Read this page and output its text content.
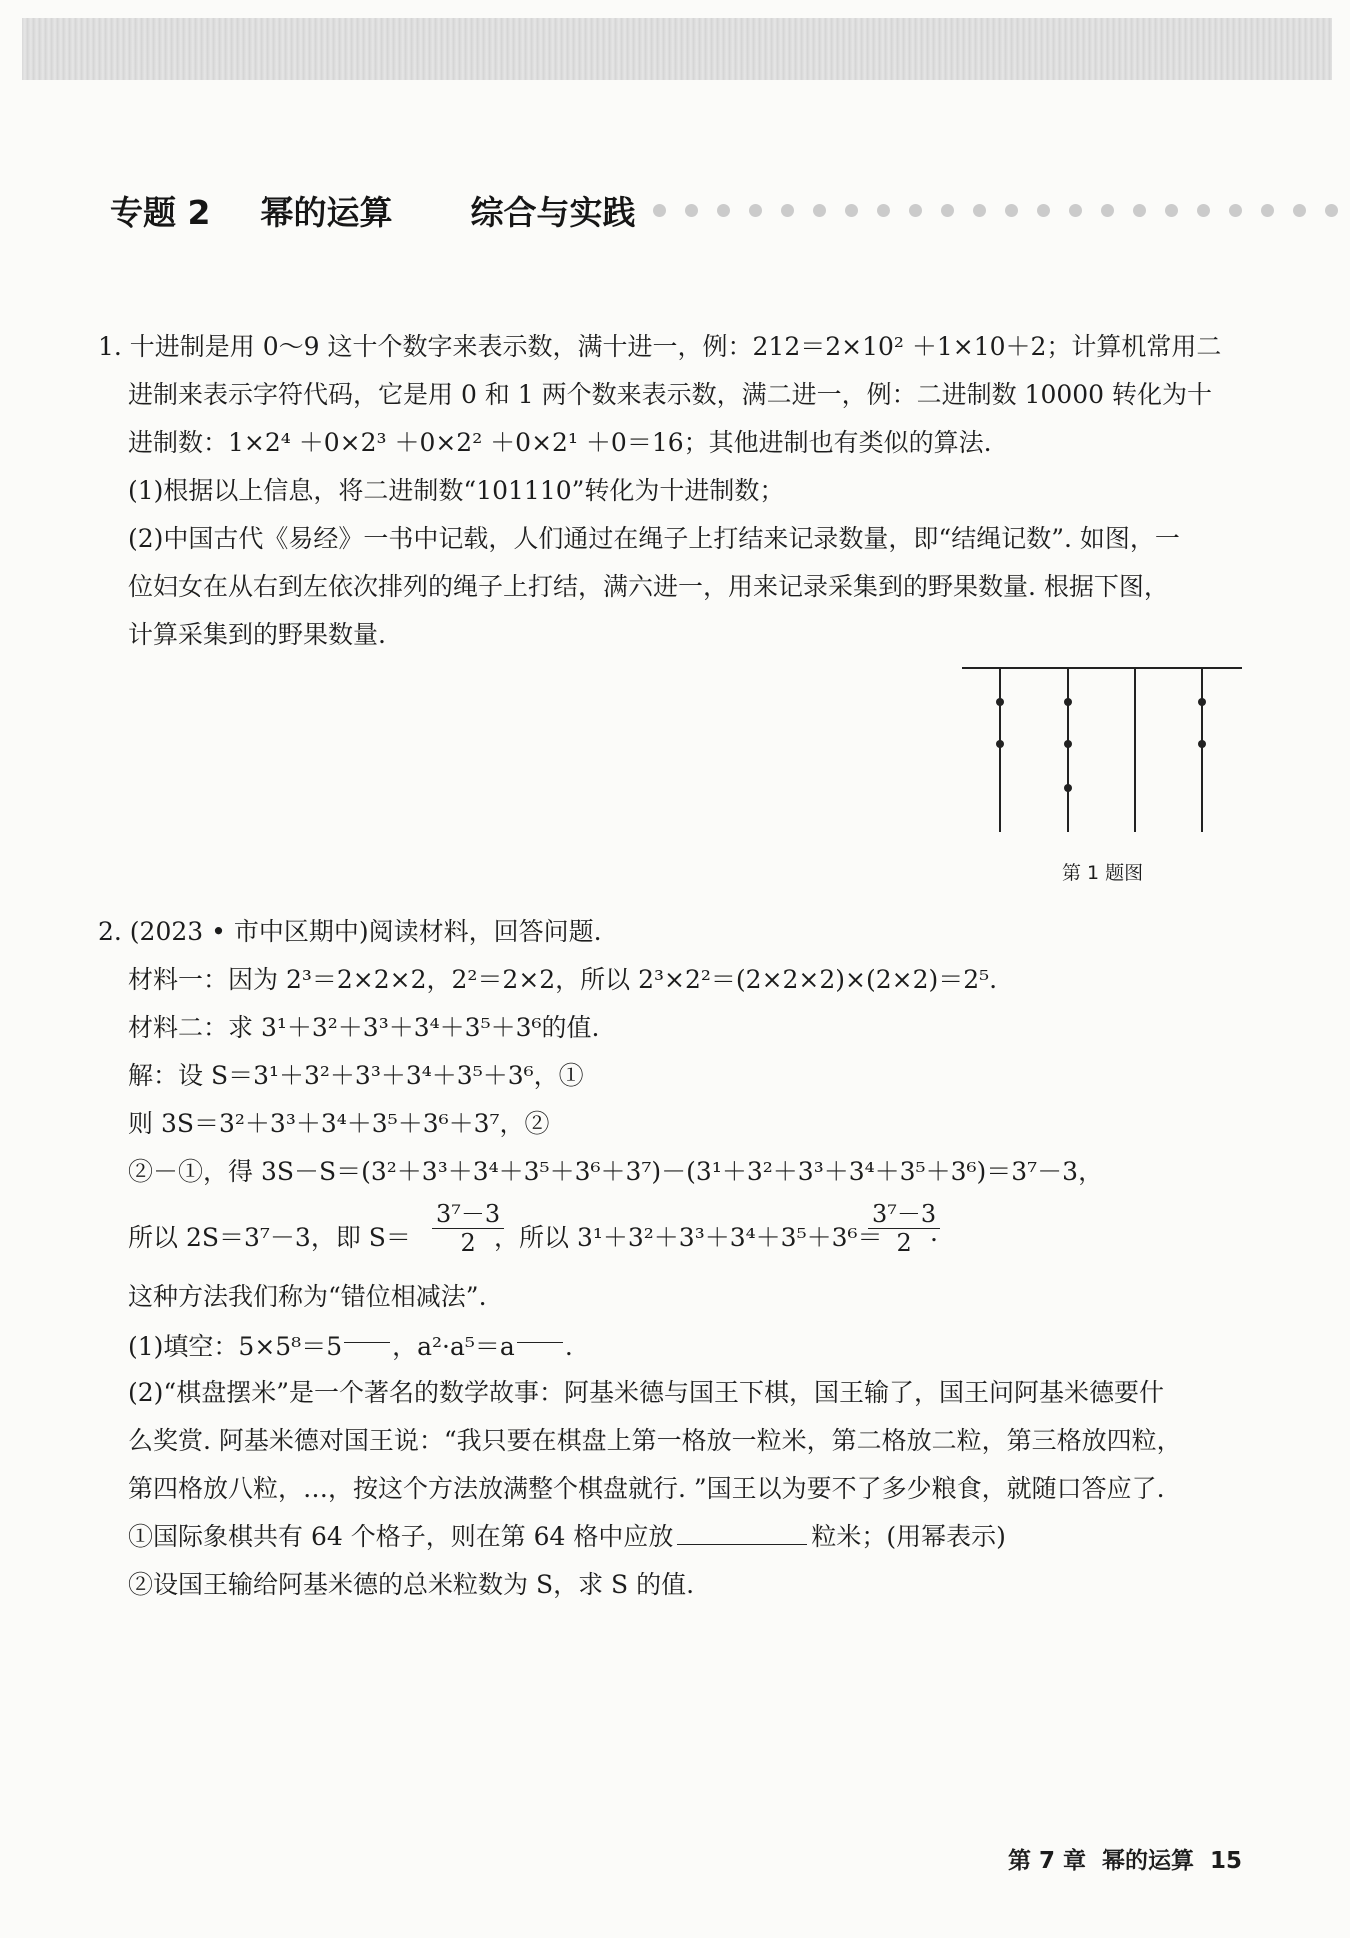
专题 2 幂的运算 综合与实践
1. 十进制是用 0～9 这十个数字来表示数，满十进一，例：212＝2×10² ＋1×10＋2；计算机常用二
进制来表示字符代码，它是用 0 和 1 两个数来表示数，满二进一，例：二进制数 10000 转化为十
进制数：1×2⁴ ＋0×2³ ＋0×2² ＋0×2¹ ＋0＝16；其他进制也有类似的算法.
(1)根据以上信息，将二进制数“101110”转化为十进制数；
(2)中国古代《易经》一书中记载，人们通过在绳子上打结来记录数量，即“结绳记数”. 如图，一
位妇女在从右到左依次排列的绳子上打结，满六进一，用来记录采集到的野果数量. 根据下图，
计算采集到的野果数量.
第 1 题图
2. (2023 • 市中区期中)阅读材料，回答问题.
材料一：因为 2³＝2×2×2，2²＝2×2，所以 2³×2²＝(2×2×2)×(2×2)＝2⁵.
材料二：求 3¹＋3²＋3³＋3⁴＋3⁵＋3⁶的值.
解：设 S＝3¹＋3²＋3³＋3⁴＋3⁵＋3⁶，①
则 3S＝3²＋3³＋3⁴＋3⁵＋3⁶＋3⁷，②
②－①，得 3S－S＝(3²＋3³＋3⁴＋3⁵＋3⁶＋3⁷)－(3¹＋3²＋3³＋3⁴＋3⁵＋3⁶)＝3⁷－3，
所以 2S＝3⁷－3，即 $S= \frac{\text{3⁷－3}}{2}$
，所以 3¹＋3²＋3³＋3⁴＋3⁵＋3⁶＝
$\frac{\text{3⁷－3}}{2}$
.
这种方法我们称为“错位相减法”.
(1)填空：5×5⁸＝5 ，a²·a⁵＝a .
(2)“棋盘摆米”是一个著名的数学故事：阿基米德与国王下棋，国王输了，国王问阿基米德要什
么奖赏. 阿基米德对国王说：“我只要在棋盘上第一格放一粒米，第二格放二粒，第三格放四粒，
第四格放八粒，…，按这个方法放满整个棋盘就行. ”国王以为要不了多少粮食，就随口答应了.
①国际象棋共有 64 个格子，则在第 64 格中应放	粒米；(用幂表示)
②设国王输给阿基米德的总米粒数为 S，求 S 的值.
第 7 章 幂的运算 15
